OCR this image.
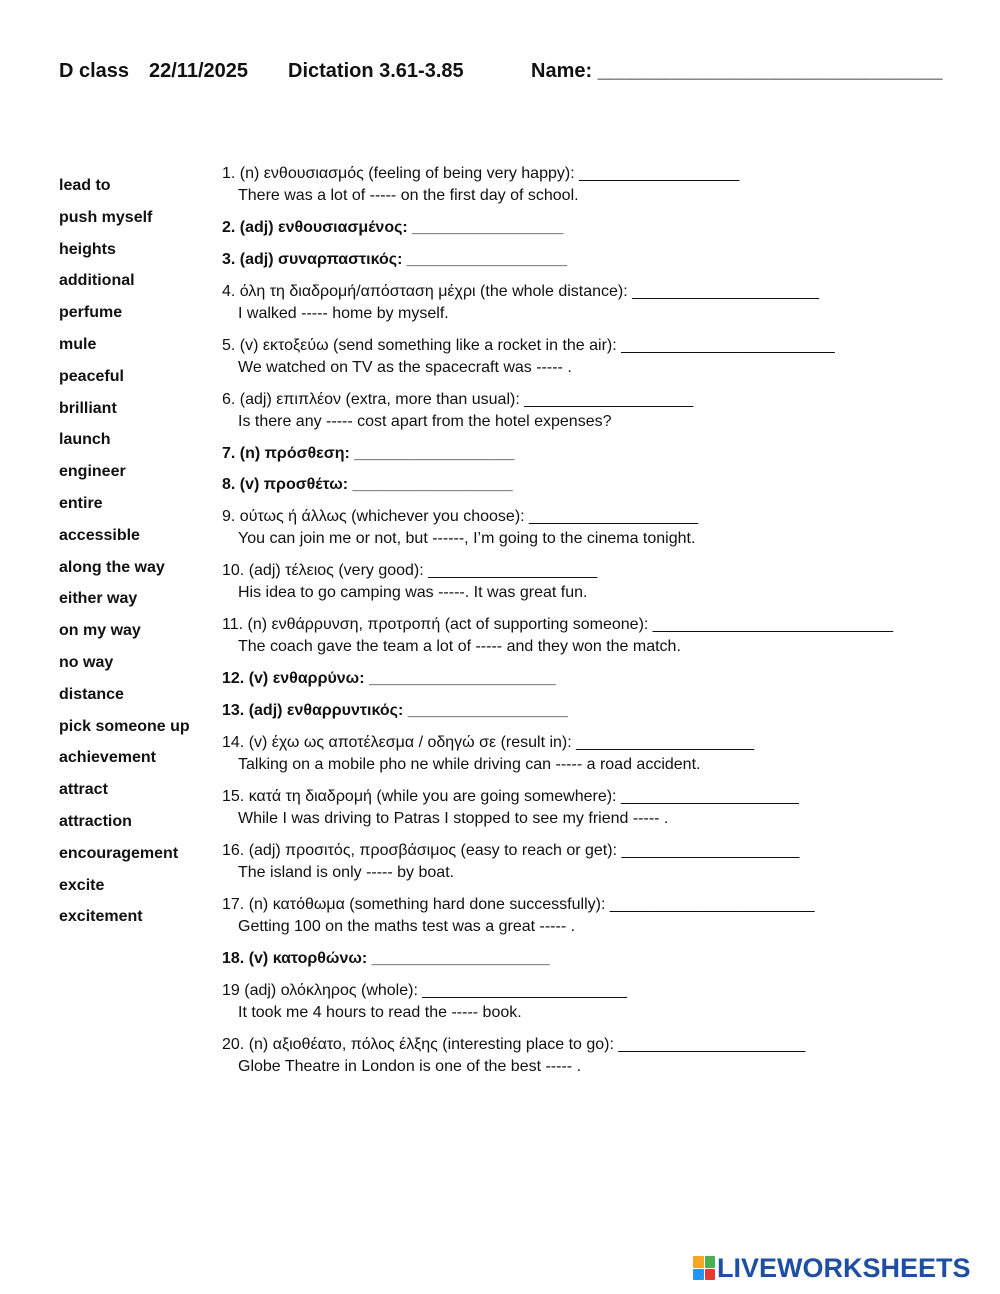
D class 22/11/2025 Dictation 3.61-3.85	Name: _______________________________
lead to
push myself
heights
additional
perfume
mule
peaceful
brilliant
launch
engineer
entire
accessible
along the way
either way
on my way
no way
distance
pick someone up
achievement
attract
attraction
encouragement
excite
excitement
1. (n) ενθουσιασμός (feeling of being very happy): __________________
There was a lot of ----- on the first day of school.
2. (adj) ενθουσιασμένος: _________________
3. (adj) συναρπαστικός: __________________
4. όλη τη διαδρομή/απόσταση μέχρι (the whole distance): _____________________
I walked ----- home by myself.
5. (v) εκτοξεύω (send something like a rocket in the air): ________________________
We watched on TV as the spacecraft was ----- .
6. (adj) επιπλέον (extra, more than usual): ___________________
Is there any ----- cost apart from the hotel expenses?
7. (n) πρόσθεση: __________________
8. (v) προσθέτω: __________________
9. ούτως ή άλλως (whichever you choose): ___________________
You can join me or not, but ------, I’m going to the cinema tonight.
10. (adj) τέλειος (very good): ___________________
His idea to go camping was -----. It was great fun.
11. (n) ενθάρρυνση, προτροπή (act of supporting someone): ___________________________
The coach gave the team a lot of ----- and they won the match.
12. (v) ενθαρρύνω: _____________________
13. (adj) ενθαρρυντικός: __________________
14. (v) έχω ως αποτέλεσμα / οδηγώ σε (result in): ____________________
Talking on a mobile pho ne while driving can ----- a road accident.
15. κατά τη διαδρομή (while you are going somewhere): ____________________
While I was driving to Patras I stopped to see my friend ----- .
16. (adj) προσιτός, προσβάσιμος (easy to reach or get): ____________________
The island is only ----- by boat.
17. (n) κατόθωμα (something hard done successfully): _______________________
Getting 100 on the maths test was a great ----- .
18. (v) κατορθώνω: ____________________
19 (adj) ολόκληρος (whole): _______________________
It took me 4 hours to read the ----- book.
20. (n) αξιοθέατο, πόλος έλξης (interesting place to go): _____________________
Globe Theatre in London is one of the best ----- .
LIVEWORKSHEETS
